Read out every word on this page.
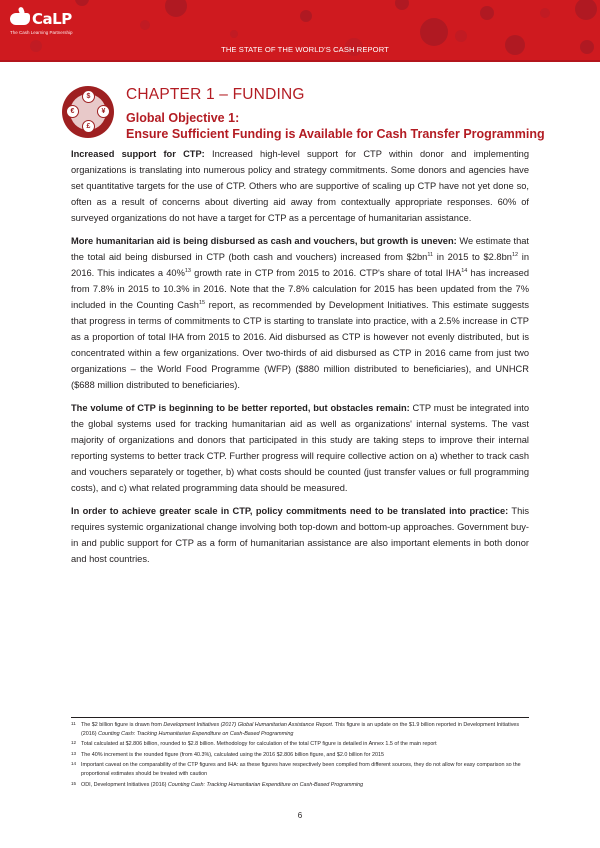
CaLP
The Cash Learning Partnership
THE STATE OF THE WORLD'S CASH REPORT
$
¥
£
€
CHAPTER 1 – FUNDING
Global Objective 1:
Ensure Sufficient Funding is Available for Cash Transfer Programming

Increased support for CTP: Increased high-level support for CTP within donor and implementing organizations is translating into numerous policy and strategy commitments. Some donors and agencies have set quantitative targets for the use of CTP. Others who are supportive of scaling up CTP have not yet done so, often as a result of concerns about diverting aid away from contextually appropriate responses. 60% of surveyed organizations do not have a target for CTP as a percentage of humanitarian assistance.

More humanitarian aid is being disbursed as cash and vouchers, but growth is uneven: We estimate that the total aid being disbursed in CTP (both cash and vouchers) increased from $\$2bn^{11}$ in 2015 to $\$2.8bn^{12}$ in 2016. This indicates a 40%$^{13}$ growth rate in CTP from 2015 to 2016. CTP's share of total IHA$^{14}$ has increased from 7.8% in 2015 to 10.3% in 2016. Note that the 7.8% calculation for 2015 has been updated from the 7% included in the Counting Cash$^{15}$ report, as recommended by Development Initiatives. This estimate suggests that progress in terms of commitments to CTP is starting to translate into practice, with a 2.5% increase in CTP as a proportion of total IHA from 2015 to 2016. Aid disbursed as CTP is however not evenly distributed, but is concentrated within a few organizations. Over two-thirds of aid disbursed as CTP in 2016 came from just two organizations – the World Food Programme (WFP) ($880 million distributed to beneficiaries), and UNHCR ($688 million distributed to beneficiaries).

The volume of CTP is beginning to be better reported, but obstacles remain: CTP must be integrated into the global systems used for tracking humanitarian aid as well as organizations' internal systems. The vast majority of organizations and donors that participated in this study are taking steps to improve their internal reporting systems to better track CTP. Further progress will require collective action on a) whether to track cash and vouchers separately or together, b) what costs should be counted (just transfer values or full programming costs), and c) what related programming data should be measured.

In order to achieve greater scale in CTP, policy commitments need to be translated into practice: This requires systemic organizational change involving both top-down and bottom-up approaches. Government buy-in and public support for CTP as a form of humanitarian assistance are also important elements in both donor and host countries.

11 The $2 billion figure is drawn from Development Initiatives (2017) Global Humanitarian Assistance Report. This figure is an update on the $1.9 billion reported in Development Initiatives (2016) Counting Cash: Tracking Humanitarian Expenditure on Cash-Based Programming
12 Total calculated at $2.806 billion, rounded to $2.8 billion. Methodology for calculation of the total CTP figure is detailed in Annex 1.5 of the main report
13 The 40% increment is the rounded figure (from 40.3%), calculated using the 2016 $2.806 billion figure, and $2.0 billion for 2015
14 Important caveat on the comparability of the CTP figures and IHA: as these figures have respectively been compiled from different sources, they do not allow for easy comparison so the proportional estimates should be treated with caution
15 ODI, Development Initiatives (2016) Counting Cash: Tracking Humanitarian Expenditure on Cash-Based Programming
6
